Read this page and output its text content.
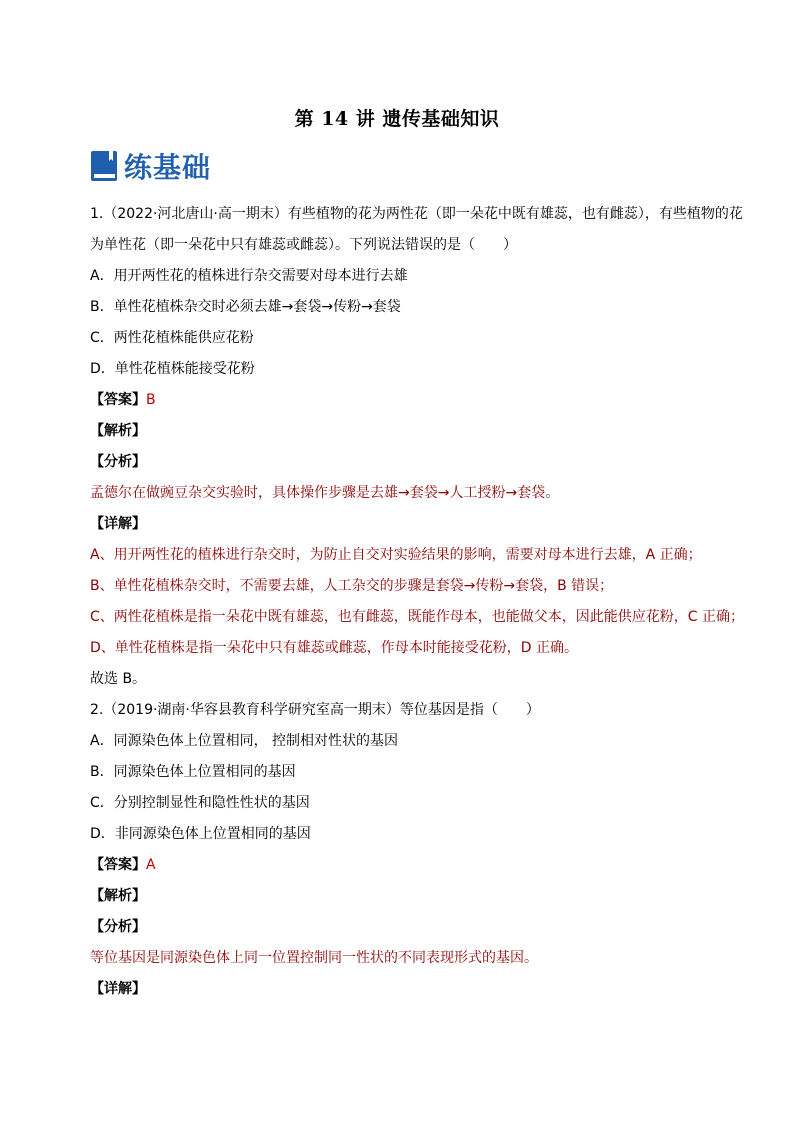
第 14 讲 遗传基础知识
练基础
1.（2022·河北唐山·高一期末）有些植物的花为两性花（即一朵花中既有雄蕊，也有雌蕊），有些植物的花
为单性花（即一朵花中只有雄蕊或雌蕊）。下列说法错误的是（　　）
A．用开两性花的植株进行杂交需要对母本进行去雄
B．单性花植株杂交时必须去雄→套袋→传粉→套袋
C．两性花植株能供应花粉
D．单性花植株能接受花粉
【答案】B
【解析】
【分析】
孟德尔在做豌豆杂交实验时，具体操作步骤是去雄→套袋→人工授粉→套袋。
【详解】
A、用开两性花的植株进行杂交时，为防止自交对实验结果的影响，需要对母本进行去雄，A 正确；
B、单性花植株杂交时，不需要去雄，人工杂交的步骤是套袋→传粉→套袋，B 错误；
C、两性花植株是指一朵花中既有雄蕊，也有雌蕊，既能作母本，也能做父本，因此能供应花粉，C 正确；
D、单性花植株是指一朵花中只有雄蕊或雌蕊，作母本时能接受花粉，D 正确。
故选 B。
2.（2019·湖南·华容县教育科学研究室高一期末）等位基因是指（　　）
A．同源染色体上位置相同， 控制相对性状的基因
B．同源染色体上位置相同的基因
C．分别控制显性和隐性性状的基因
D．非同源染色体上位置相同的基因
【答案】A
【解析】
【分析】
等位基因是同源染色体上同一位置控制同一性状的不同表现形式的基因。
【详解】
